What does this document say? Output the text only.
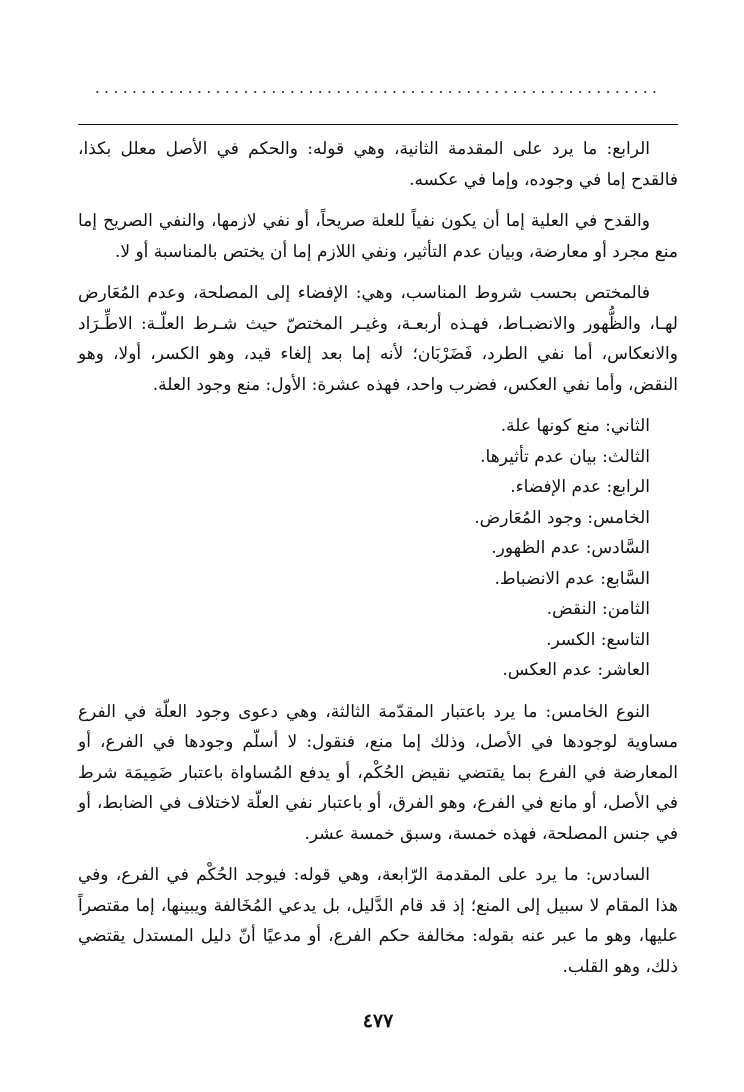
.............................................................

الرابع: ما يرد على المقدمة الثانية، وهي قوله: والحكم في الأصل معلل بكذا، فالقدح إما في وجوده، وإما في عكسه.

والقدح في العلية إما أن يكون نفياً للعلة صريحاً، أو نفي لازمها، والنفي الصريح إما منع مجرد أو معارضة، وبيان عدم التأثير، ونفي اللازم إما أن يختص بالمناسبة أو لا.

فالمختص بحسب شروط المناسب، وهي: الإفضاء إلى المصلحة، وعدم المُعَارض لهـا، والظُّهور والانضبـاط، فهـذه أربعـة، وغيـر المختصّ حيث شـرط العلّـة: الاطِّـرَاد والانعكاس، أما نفي الطرد، فَضَرْبَان؛ لأنه إما بعد إلغاء قيد، وهو الكسر، أولا، وهو النقض، وأما نفي العكس، فضرب واحد، فهذه عشرة: الأول: منع وجود العلة.

الثاني: منع كونها علة.
الثالث: بيان عدم تأثيرها.
الرابع: عدم الإفضاء.
الخامس: وجود المُعَارض.
السَّادس: عدم الظهور.
السَّابع: عدم الانضباط.
الثامن: النقض.
التاسع: الكسر.
العاشر: عدم العكس.

النوع الخامس: ما يرد باعتبار المقدّمة الثالثة، وهي دعوى وجود العلّة في الفرع مساوية لوجودها في الأصل، وذلك إما منع، فنقول: لا أسلّم وجودها في الفرع، أو المعارضة في الفرع بما يقتضي نقيض الحُكْم، أو يدفع المُساواة باعتبار ضَمِيمَة شرط في الأصل، أو مانع في الفرع، وهو الفرق، أو باعتبار نفي العلّة لاختلاف في الضابط، أو في جنس المصلحة، فهذه خمسة، وسبق خمسة عشر.

السادس: ما يرد على المقدمة الرّابعة، وهي قوله: فيوجد الحُكْم في الفرع، وفي هذا المقام لا سبيل إلى المنع؛ إذ قد قام الدَّليل، بل يدعي المُخَالفة ويبينها، إما مقتصراً عليها، وهو ما عبر عنه بقوله: مخالفة حكم الفرع، أو مدعيًا أنّ دليل المستدل يقتضي ذلك، وهو القلب.

٤٧٧
